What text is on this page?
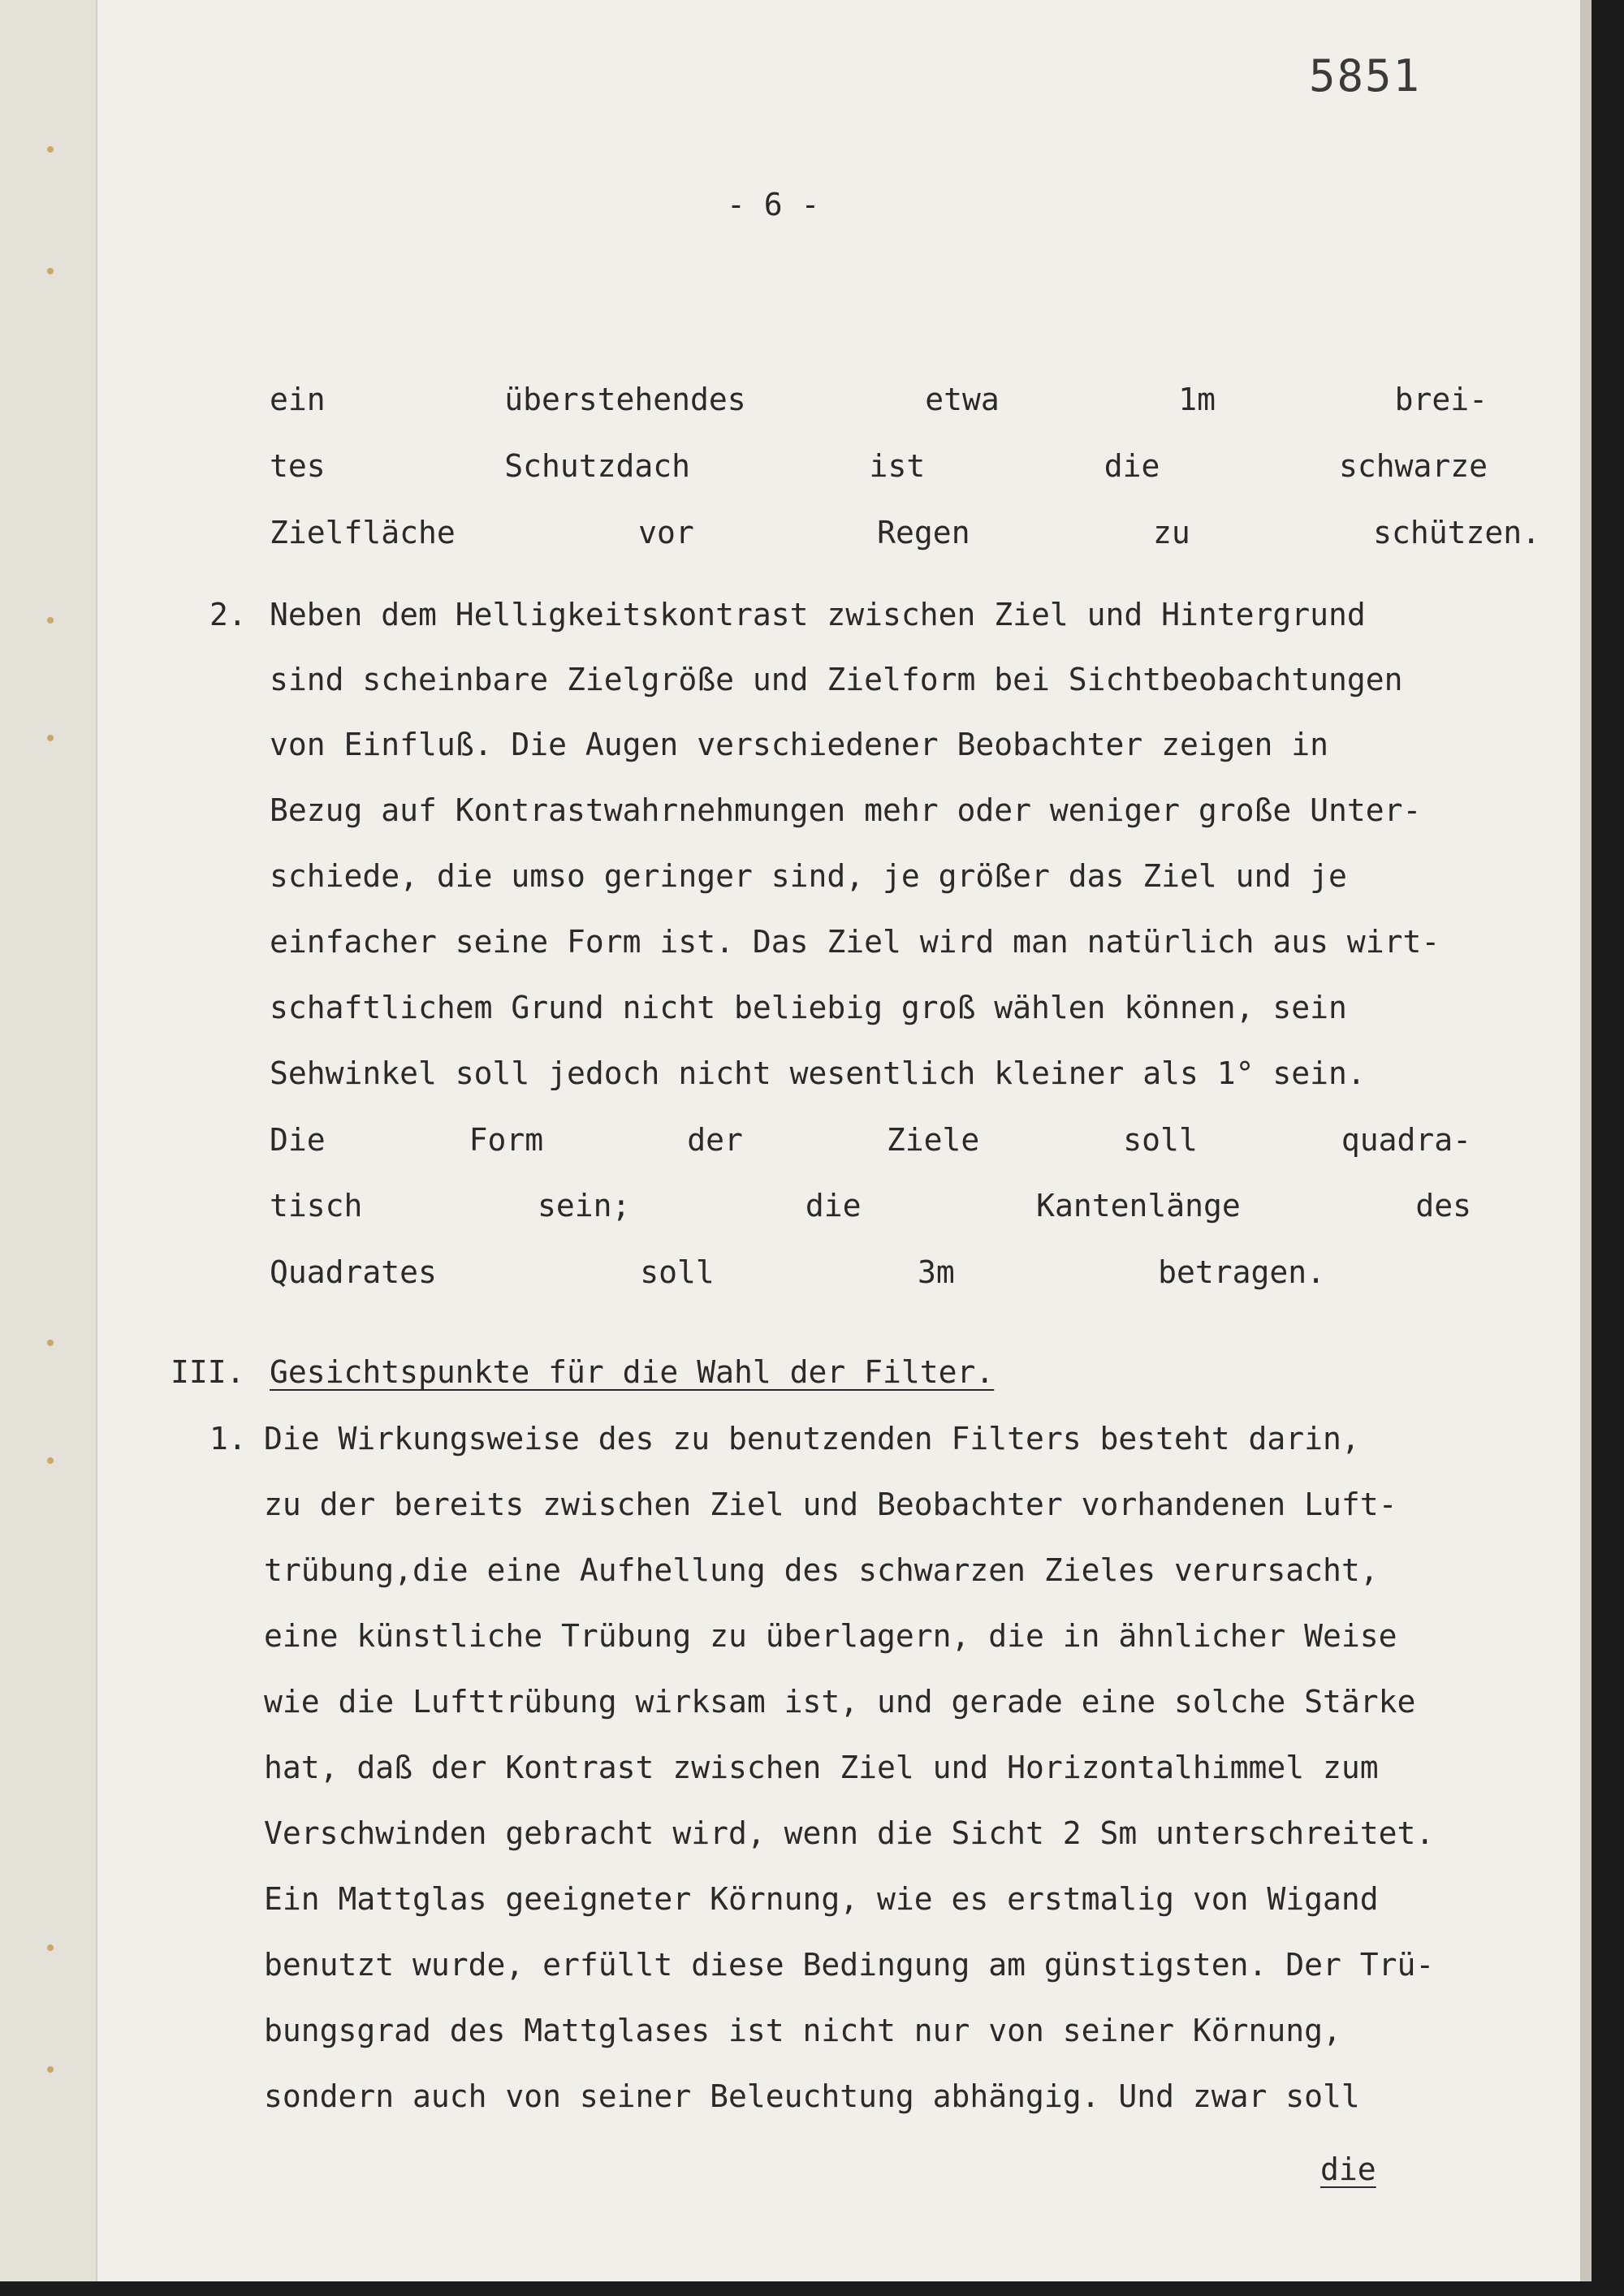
5851
- 6 -
ein überstehendes etwa 1m brei-
tes Schutzdach ist die schwarze
Zielfläche vor Regen zu schützen.
2. Neben dem Helligkeitskontrast zwischen Ziel und Hintergrund
sind scheinbare Zielgröße und Zielform bei Sichtbeobachtungen
von Einfluß. Die Augen verschiedener Beobachter zeigen in
Bezug auf Kontrastwahrnehmungen mehr oder weniger große Unter-
schiede, die umso geringer sind, je größer das Ziel und je
einfacher seine Form ist. Das Ziel wird man natürlich aus wirt-
schaftlichem Grund nicht beliebig groß wählen können, sein
Sehwinkel soll jedoch nicht wesentlich kleiner als 1° sein.
Die Form der Ziele soll quadra-
tisch sein; die Kantenlänge des
Quadrates soll 3m betragen.
III. Gesichtspunkte für die Wahl der Filter.
1. Die Wirkungsweise des zu benutzenden Filters besteht darin,
zu der bereits zwischen Ziel und Beobachter vorhandenen Luft-
trübung,die eine Aufhellung des schwarzen Zieles verursacht,
eine künstliche Trübung zu überlagern, die in ähnlicher Weise
wie die Lufttrübung wirksam ist, und gerade eine solche Stärke
hat, daß der Kontrast zwischen Ziel und Horizontalhimmel zum
Verschwinden gebracht wird, wenn die Sicht 2 Sm unterschreitet.
Ein Mattglas geeigneter Körnung, wie es erstmalig von Wigand
benutzt wurde, erfüllt diese Bedingung am günstigsten. Der Trü-
bungsgrad des Mattglases ist nicht nur von seiner Körnung,
sondern auch von seiner Beleuchtung abhängig. Und zwar soll
die
